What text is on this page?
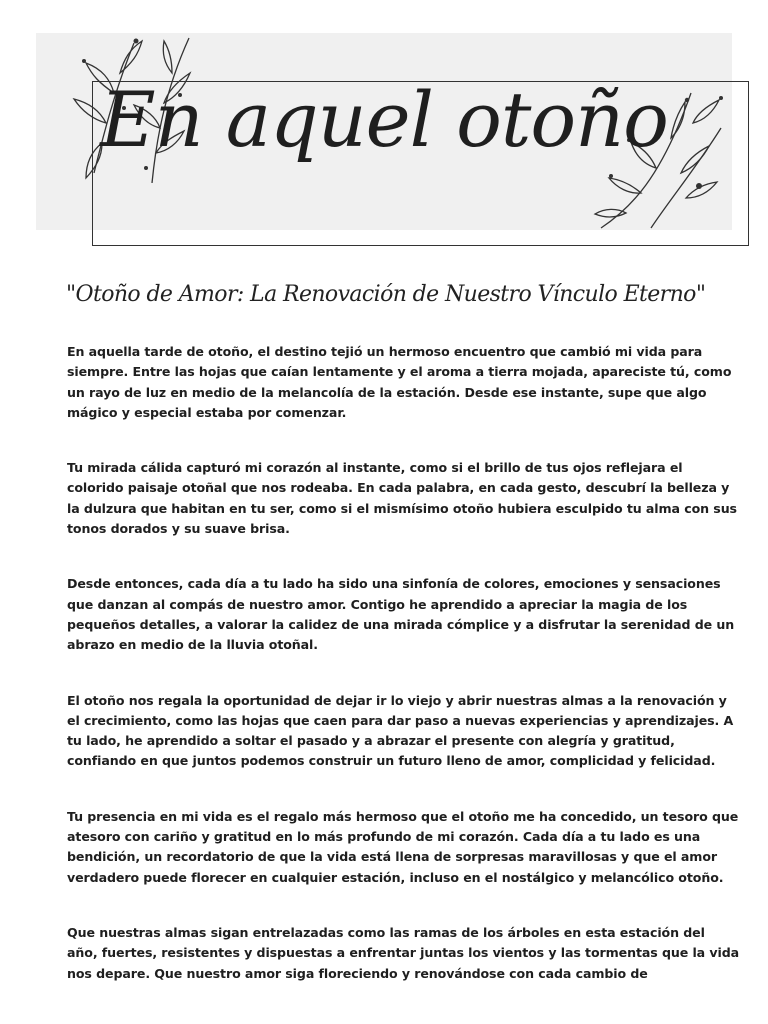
En aquel otoño
"Otoño de Amor: La Renovación de Nuestro Vínculo Eterno"

En aquella tarde de otoño, el destino tejió un hermoso encuentro que cambió mi vida para siempre. Entre las hojas que caían lentamente y el aroma a tierra mojada, apareciste tú, como un rayo de luz en medio de la melancolía de la estación. Desde ese instante, supe que algo mágico y especial estaba por comenzar.

Tu mirada cálida capturó mi corazón al instante, como si el brillo de tus ojos reflejara el colorido paisaje otoñal que nos rodeaba. En cada palabra, en cada gesto, descubrí la belleza y la dulzura que habitan en tu ser, como si el mismísimo otoño hubiera esculpido tu alma con sus tonos dorados y su suave brisa.

Desde entonces, cada día a tu lado ha sido una sinfonía de colores, emociones y sensaciones que danzan al compás de nuestro amor. Contigo he aprendido a apreciar la magia de los pequeños detalles, a valorar la calidez de una mirada cómplice y a disfrutar la serenidad de un abrazo en medio de la lluvia otoñal.

El otoño nos regala la oportunidad de dejar ir lo viejo y abrir nuestras almas a la renovación y el crecimiento, como las hojas que caen para dar paso a nuevas experiencias y aprendizajes. A tu lado, he aprendido a soltar el pasado y a abrazar el presente con alegría y gratitud, confiando en que juntos podemos construir un futuro lleno de amor, complicidad y felicidad.

Tu presencia en mi vida es el regalo más hermoso que el otoño me ha concedido, un tesoro que atesoro con cariño y gratitud en lo más profundo de mi corazón. Cada día a tu lado es una bendición, un recordatorio de que la vida está llena de sorpresas maravillosas y que el amor verdadero puede florecer en cualquier estación, incluso en el nostálgico y melancólico otoño.

Que nuestras almas sigan entrelazadas como las ramas de los árboles en esta estación del año, fuertes, resistentes y dispuestas a enfrentar juntas los vientos y las tormentas que la vida nos depare. Que nuestro amor siga floreciendo y renovándose con cada cambio de
